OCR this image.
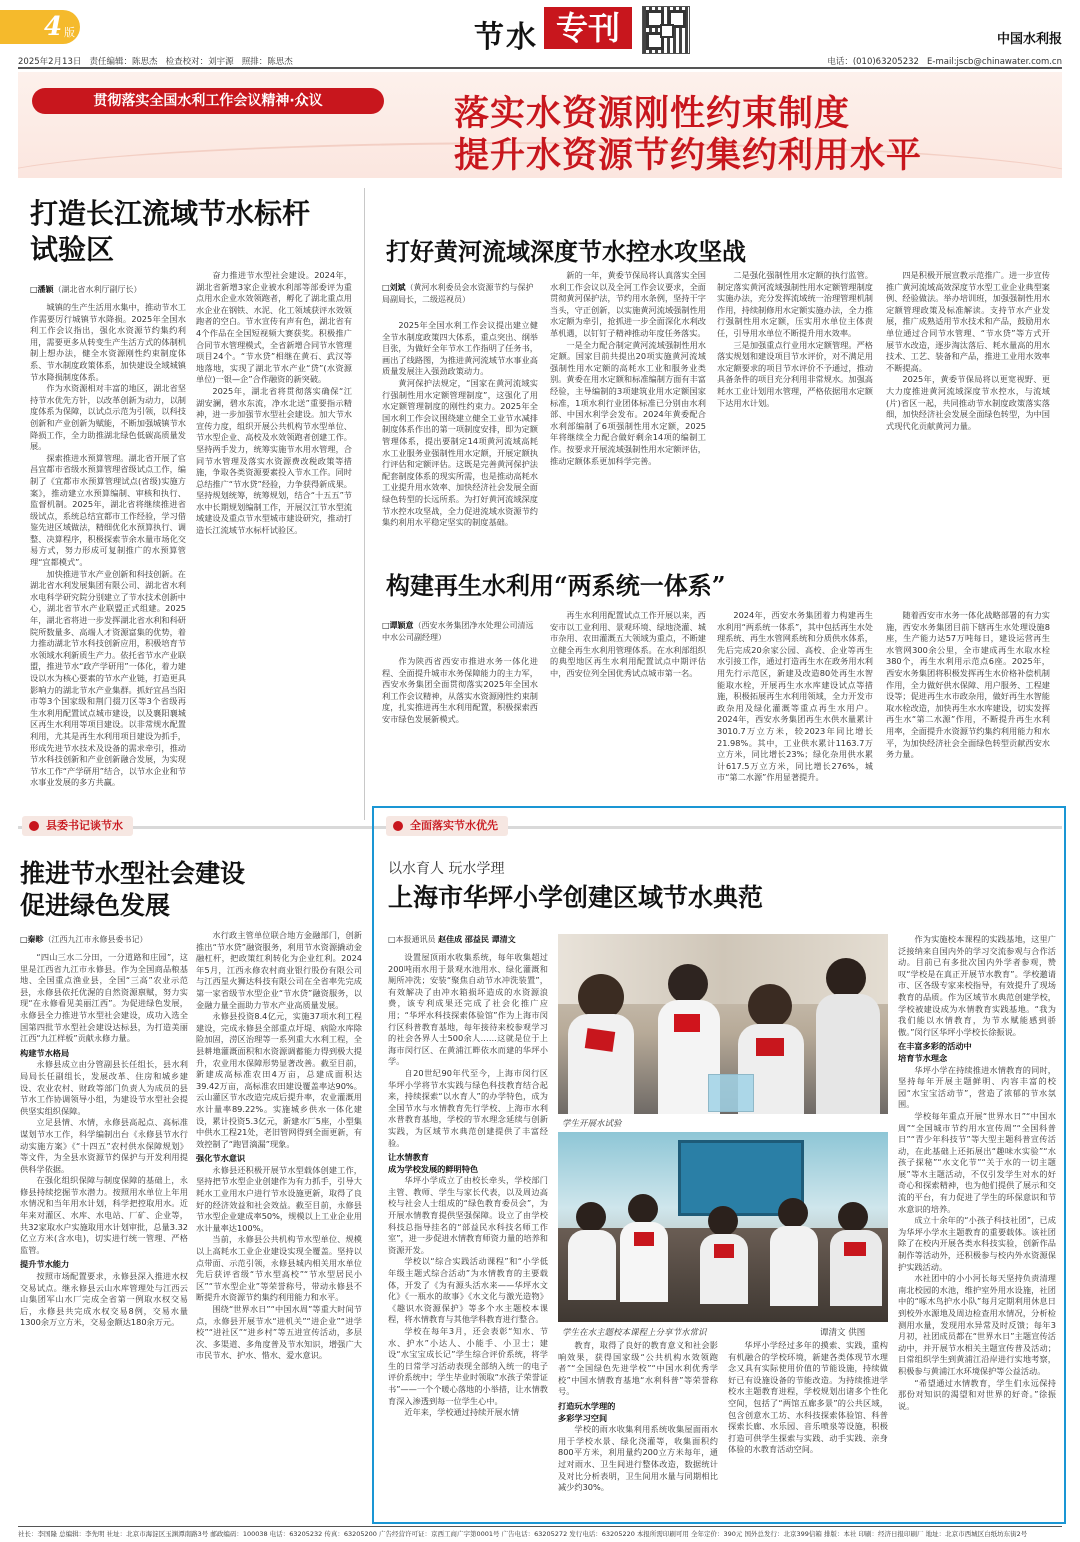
4 版	节水 专刊	中国水利报
2025年2月13日 责任编辑：陈思杰 检查校对：刘宇源 照排：陈思杰	电话：(010)63205232 E-mail:jscb@chinawater.com.cn
贯彻落实全国水利工作会议精神·众议	落实水资源刚性约束制度
提升水资源节约集约利用水平
打造长江流域节水标杆
试验区
□潘颖（湖北省水利厅副厅长）

城镇的生产生活用水集中，推动节水工作需要厉行城镇节水降损。2025年全国水利工作会议指出，强化水资源节约集约利用，需要更多从转变生产生活方式的体制机制上想办法，健全水资源刚性约束制度体系、节水制度政策体系，加快建设全域城镇节水降损制度体系。

作为水资源相对丰富的地区，湖北省坚持节水优先方针，以改革创新为动力，以制度体系为保障，以试点示范为引领，以科技创新和产业创新为赋能，不断加强城镇节水降损工作，全力助推湖北绿色低碳高质量发展。

探索推进水预算管理。湖北省开展了官昌宜都市省级水预算管理省级试点工作，编制了《宜都市水预算管理试点(省级)实施方案》，推动建立水预算编制、审核和执行、监督机制。2025年，湖北省将继续推进省级试点，系统总结宜都市工作经验，学习借鉴先进区域做法，精细优化水预算执行、调整、决算程序，积极探索节余水量市场化交易方式，努力形成可复制推广的水预算管理“宜都模式”。

加快推进节水产业创新和科技创新。在湖北省水利发展集团有限公司、湖北省水利水电科学研究院分别建立了节水技术创新中心，湖北省节水产业联盟正式组建。2025年，湖北省将进一步发挥湖北省水利和科研院所数量多、高端人才资源富集的优势，着力推动湖北节水科技创新应用，积极培育节水领域水利新质生产力。依托省节水产业联盟，推进节水“政产学研用”一体化，着力建设以水为核心要素的节水产业链，打造更具影响力的湖北节水产业集群。抓好宜昌当阳市等3个国家级和荆门掇刀区等3个省级再生水利用配置试点城市建设，以及襄阳襄城区再生水利用等项目建设。以非常规水配置利用，尤其是再生水利用项目建设为抓手，形成先进节水技术及设备的需求牵引，推动节水科技创新和产业创新融合发展，为实现节水工作“产学研用”结合，以节水企业和节水事业发展的多方共赢。

奋力推进节水型社会建设。2024年，湖北省新增3家企业被水利部等部委评为重点用水企业水效领跑者，孵化了湖北重点用水企业在钢铁、水泥、化工领域获评水效领跑者的空白。节水宣传有声有色，湖北省有4个作品在全国短视频大赛获奖。积极推广合同节水管理模式，全省新增合同节水管理项目24个。“节水贷”相继在黄石、武汉等地落地，实现了湖北节水产业“贷”(水资源单位)一银—企”合作融资的新突破。

2025年，湖北省将贯彻落实确保“江湖安澜，碧水东流，净水北送”重要指示精神，进一步加强节水型社会建设。加大节水宣传力度，组织开展公共机构节水型单位、节水型企业、高校及水效领跑者创建工作。坚持两手发力，统筹实施节水用水管理，合同节水管理及落实水资源费改税政策等措施，争取各类资源要素投入节水工作。同时总结推广“节水贷”经验，力争获得新成果。坚持规划统筹，统筹规划，结合“十五五”节水中长期规划编制工作，开展汉江节水型流域建设及重点节水型城市建设研究，推动打造长江流域节水标杆试验区。

打好黄河流域深度节水控水攻坚战
□刘斌（黄河水利委员会水资源节约与保护局副局长，二级巡视员）

2025年全国水利工作会议提出建立健全节水制度政策四大体系，重点突出、纲举目张，为做好全年节水工作指明了任务书，画出了线路图，为推进黄河流域节水事业高质量发展注入强劲政策动力。

黄河保护法规定，“国家在黄河流域实行强制性用水定额管理制度”，这强化了用水定额管理制度的刚性约束力。2025年全国水利工作会议围绕建立健全工业节水减排制度体系作出的第一项制度安排，即为定额管理体系，提出要制定14项黄河流域高耗水工业服务业强制性用水定额，开展定额执行评估和定额评估。这既是完善黄河保护法配套制度体系的现实所需，也是推动高耗水工业提升用水效率、加快经济社会发展全面绿色转型的长远所系。为打好黄河流域深度节水控水攻坚战，全力促进流域水资源节约集约利用水平稳定坚实的制度基础。

新的一年，黄委节保局将认真落实全国水利工作会议以及全河工作会议要求，全面贯彻黄河保护法，节约用水条例，坚持干字当头，守正创新，以实施黄河流域强制性用水定额为牵引，抢抓进一步全面深化水利改革机遇，以钉钉子精神推动年度任务落实。

一是全力配合制定黄河流域强制性用水定额。国家目前共提出20项实施黄河流域强制性用水定额的高耗水工业和服务业类别。黄委在用水定额和标准编制方面有丰富经验，主导编制的3项建筑业用水定额国家标准，1项水利行业团体标准已分别由水利部、中国水利学会发布。2024年黄委配合水利部编制了6项强制性用水定额，2025年将继续全力配合做好剩余14项的编制工作。按要求开展流域强制性用水定额评估，推动定额体系更加科学完善。

二是强化强制性用水定额的执行监管。制定落实黄河流域强制性用水定额管理制度实施办法，充分发挥流域统一治理管理机制作用，持续制修用水定额实施办法，全力推行强制性用水定额，压实用水单位主体责任，引导用水单位不断提升用水效率。

三是加强重点行业用水定额管理。严格落实规划和建设项目节水评价，对不满足用水定额要求的项目节水评价不予通过，推动具备条件的项目充分利用非常规水。加强高耗水工业计划用水管理，严格依据用水定额下达用水计划。

四是积极开展宣教示范推广。进一步宣传推广黄河流域高效深度节水型工业企业典型案例、经验做法。举办培训班，加强强制性用水定额管理政策及标准解读。支持节水产业发展，推广成熟适用节水技术和产品，鼓励用水单位通过合同节水管理、“节水贷”等方式开展节水改造，逐步淘汰落后、耗水量高的用水技术、工艺、装备和产品，推进工业用水效率不断提高。

2025年，黄委节保局将以更宽视野、更大力度推进黄河流域深度节水控水，与流域(片)省区一起，共同推动节水制度政策落实落细，加快经济社会发展全面绿色转型，为中国式现代化贡献黄河力量。

构建再生水利用“两系统一体系”
□谭颖意（西安水务集团净水处理公司清远中水公司副经理）

作为陕西省西安市推进水务一体化进程、全面提升城市水务保障能力的主力军，西安水务集团全面贯彻落实2025年全国水利工作会议精神，从落实水资源刚性约束制度，扎实推进再生水利用配置，积极探索西安市绿色发展新模式。

再生水利用配置试点工作开展以来，西安市以工业利用、景观环境、绿地浇灌、城市杂用、农田灌溉五大领域为重点，不断建立健全再生水利用管理体系。在水利部组织的典型地区再生水利用配置试点中期评估中，西安位列全国优秀试点城市第一名。

2024年，西安水务集团着力构建再生水利用“两系统一体系”，其中包括再生水处理系统、再生水管网系统和分质供水体系，先后完成20余家公园、高校、企业等再生水引接工作，通过打造再生水在政务用水利用先行示范区，新建及改造80处再生水智能取水栓，开展再生水水库建设试点等措施，积极拓展再生水利用领域，全力开发市政杂用及绿化灌溉等重点再生水用户。2024年，西安水务集团再生水供水量累计3010.7万立方米，较2023年同比增长21.98%。其中，工业供水累计1163.7万立方米，同比增长23%；绿化杂用供水累计617.5万立方米，同比增长276%，城市“第二水源”作用显著提升。

随着西安市水务一体化战略部署的有力实施，西安水务集团目前下辖再生水处理设施8座，生产能力达57万吨每日，建设运营再生水管网300余公里，全市建成再生水取水栓380个，再生水利用示范点6座。2025年，西安水务集团将积极发挥再生水价格补偿机制作用，全力做好供水保障、用户服务、工程建设等；促进再生水市政杂用，做好再生水智能取水栓改造，加快再生水水库建设，切实发挥再生水“第二水源”作用，不断提升再生水利用率，全面提升水资源节约集约利用能力和水平，为加快经济社会全面绿色转型贡献西安水务力量。

县委书记谈节水
推进节水型社会建设
促进绿色发展
□秦畛（江西九江市永修县委书记）

“四山三水二分田，一分道路和庄园”，这里是江西省九江市永修县。作为全国商品粮基地、全国重点渔业县，全国“三高”农业示范县，永修县依托优渥的自然资源禀赋，努力实现“在永修看见美丽江西”。为促进绿色发展，永修县全力推进节水型社会建设，成功入选全国第四批节水型社会建设达标县，为打造美丽江西“九江样板”贡献永修力量。

构建节水格局

永修县成立由分管副县长任组长，县水利局局长任副组长，发展改革、住房和城乡建设、农业农村、财政等部门负责人为成员的县节水工作协调领导小组，为建设节水型社会提供坚实组织保障。

立足县情、水情，永修县高起点、高标准谋划节水工作，科学编制出台《永修县节水行动实施方案》《“十四五”农村供水保障规划》等文件，为全县水资源节约保护与开发利用提供科学依据。

在强化组织保障与制度保障的基础上，永修县持续挖掘节水潜力。按照用水单位上年用水情况和当年用水计划，科学把控取用水。近年来对灌区、水库、水电站、厂矿、企业等，共32家取水户实施取用水计划审批，总量3.32亿立方米(含水电)，切实进行统一管理、严格监管。

提升节水能力

按照市场配置要求，永修县深入推进水权交易试点。继永修县云山水库管理处与江西云山集团军山水厂完成全省第一例取水权交易后，永修县共完成水权交易8例，交易水量1300余万立方米，交易金额达180余万元。

水行政主管单位联合地方金融部门，创新推出“节水贷”融资服务，利用节水资源撬动金融杠杆，把政策红利转化为企业红利。2024年5月，江西永修农村商业银行股份有限公司与江西星火狮达科技有限公司在全省率先完成第一家省级节水型企业“节水贷”融资服务，以金融力量全面助力节水产业高质量发展。

永修县投资8.4亿元，实施37项水利工程建设，完成永修县全部重点圩堤、病险水库除险加固，涝区治理等一系列重大水利工程，全县耕地灌溉面积和水资源调蓄能力得到极大提升，农业用水保障形势显著改善。截至目前，新建成高标准农田4万亩，总建成面积达39.42万亩，高标准农田建设覆盖率达90%。云山灌区节水改造完成后提升率，农业灌溉用水计量率89.22%。实施城乡供水一体化建设，累计投资5.3亿元，新建水厂5座，小型集中供水工程21处，老旧管网得到全面更新，有效控制了“跑冒滴漏”现象。

强化节水意识

永修县还积极开展节水型载体创建工作，坚持把节水型企业创建作为有力抓手，引导大耗水工业用水户进行节水设施更新，取得了良好的经济效益和社会效益。截至目前，永修县节水型企业建成率50%，规模以上工业企业用水计量率达100%。

当前，永修县公共机构节水型单位、规模以上高耗水工业企业建设实现全覆盖。坚持以点带面、示范引领，永修县城内相关用水单位先后获评省级“节水型高校”“节水型居民小区”“节水型企业”等荣誉称号，带动永修县不断提升水资源节约集约利用能力和水平。

围绕“世界水日”“中国水周”等重大时间节点，永修县开展节水“进机关”“进企业”“进学校”“进社区”“进乡村”等五进宣传活动，多层次、多渠道、多角度普及节水知识，增强广大市民节水、护水、惜水、爱水意识。

全面落实节水优先
以水育人 玩水学理
上海市华坪小学创建区域节水典范
□本报通讯员 赵佳成 邵益民 谭清文

设置屋顶雨水收集系统，每年收集超过200吨雨水用于景观水池用水、绿化灌溉和厕所冲洗；安装“聚焦自动节水冲洗装置”，有效解决了由冲水箱损坏造成的水资源浪费，该专利成果还完成了社会化推广应用；“华坪水科技探索体验馆”作为上海市闵行区科普教育基地，每年接待来校参观学习的社会各界人士500余人……这就是位于上海市闵行区、在黄浦江畔依水而建的华坪小学。

自20世纪90年代至今，上海市闵行区华坪小学将节水实践与绿色科技教育结合起来，持续探索“以水育人”的办学特色，成为全国节水与水情教育先行学校、上海市水利水普教育基地，学校的节水理念延续与创新实践，为区域节水典范创建提供了丰富经验。

让水情教育
成为学校发展的鲜明特色

华坪小学成立了由校长牵头，学校部门主管、教师、学生与家长代表，以及周边高校与社会人士组成的“绿色教育委员会”，为开展水情教育提供坚强保障。设立了由学校科技总指导挂名的“部益民水科技名师工作室”，进一步促进水情教育师资力量的培养和资源开发。

学校以“综合实践活动课程”和“小学低年级主题式综合活动”为水情教育的主要载体，开发了《为有源头活水来——华坪水文化》《一瓶水的故事》《水文化与激光造物》《趣识水资源保护》等多个水主题校本课程，将水情教育与其他学科教育进行整合。

学校在每年3月，还会表彰“知水、节水、护水”小达人、小能手、小卫士；建设“水宝宝成长记”学生综合评价系统，将学生的日常学习活动表现全部纳入统一的电子评价系统中；学生毕业时领取“水孩子荣誉证书”——一个个暖心落地的小举措，让水情教育深入渗透到每一位学生心中。

近年来，学校通过持续开展水情

学生开展水试验
学生在水主题校本课程上分享节水常识	谭清文 供图

教育，取得了良好的教育意义和社会影响效果，获得国家级“公共机构水效领跑者”“全国绿色先进学校”“中国水利优秀学校”中国水情教育基地“水利科普”等荣誉称号。

打造玩水学理的
多彩学习空间

学校的雨水收集利用系统收集屋面雨水用于学校水景、绿化浇灌等，收集面积约800平方米，利用量约200立方米每年，通过对雨水、卫生间进行整体改造，数据统计及对比分析表明，卫生间用水量与同期相比减少约30%。

华坪小学经过多年的摸索、实践，重构有机融合的学校环境，新建各类体现节水理念又具有实际使用价值的节能设施，持续做好已有设施设备的节能改造。为持续推进学校水主题教育进程，学校规划出诸多个性化空间，包括了“两馆五廊多景”的公共区域，包含创意水工坊、水科技探索体验馆、科普探索长廊、水乐园、音乐喷泉等设施，积极打造可供学生探索与实践、动手实践、亲身体验的水教育活动空间。

作为实施校本课程的实践基地，这里广泛接纳来自国内外的学习交流参观与合作活动。目前已有多批次国内外学者参观，赞叹“学校是在真正开展节水教育”。学校邀请市、区各级专家来校指导，有效提升了现场教育的品质。作为区域节水典范创建学校，学校被建设成为水情教育实践基地。“我为我们能以水情教育，为节水赋能感到骄傲。”闵行区华坪小学校长徐振说。

在丰富多彩的活动中
培育节水理念

华坪小学在持续推进水情教育的同时，坚持每年开展主题鲜明、内容丰富的校园“水宝宝活动节”，营造了浓郁的节水氛围。

学校每年重点开展“世界水日”“中国水周”“全国城市节约用水宣传周”“全国科普日”“青少年科技节”等大型主题科普宣传活动，在此基础上还拓展出“趣味水实验”“水孩子探秘”“水文化节”“关于水的一切主题展”等水主题活动，不仅引发学生对水的好奇心和探索精神，也为他们提供了展示和交流的平台，有力促进了学生的环保意识和节水意识的培养。

成立十余年的“小孩子科技社团”，已成为华坪小学水主题教育的重要载体。该社团除了在校内开展各类水科技实验，创新作品制作等活动外，还积极参与校内外水资源保护实践活动。

水社团中的小小河长每天坚持负责清理南北校园的水池，维护室外用水设施，社团中的“啄木鸟护水小队”每月定期利用休息日到校外水源地及周边检查用水情况，分析检测用水量，发现用水异常及时反馈；每年3月初，社团成员都在“世界水日”主题宣传活动中，并开展节水相关主题宣传普及活动；日常组织学生到黄浦江沿岸进行实地考察，积极参与黄浦江水环境保护等公益活动。

“希望通过水情教育，学生们永远保持那份对知识的渴望和对世界的好奇。”徐振说。

社长：李国隆 总编辑：李先明 社址：北京市海淀区玉渊潭南路3号 邮政编码：100038 电话：63205232 传真：63205200 广告经营许可证：京西工商广字第0001号 广告电话：63205272 发行电话：63205220 本报所需印刷可用 全年定价：390元 国外总发行：北京399信箱 排版：本社 印刷：经济日报印刷厂 地址：北京市西城区白纸坊东街2号
